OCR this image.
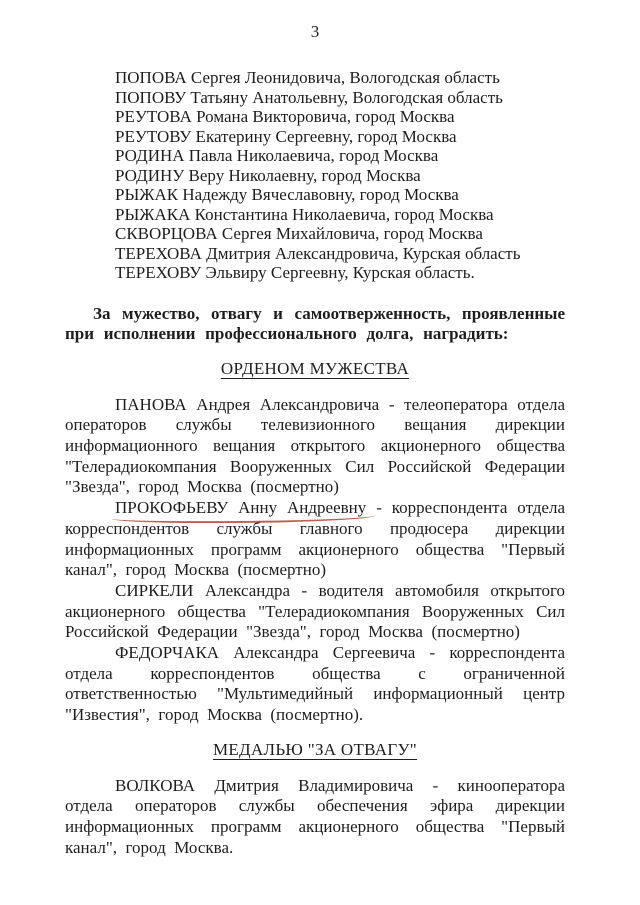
3
ПОПОВА Сергея Леонидовича, Вологодская область
ПОПОВУ Татьяну Анатольевну, Вологодская область
РЕУТОВА Романа Викторовича, город Москва
РЕУТОВУ Екатерину Сергеевну, город Москва
РОДИНА Павла Николаевича, город Москва
РОДИНУ Веру Николаевну, город Москва
РЫЖАК Надежду Вячеславовну, город Москва
РЫЖАКА Константина Николаевича, город Москва
СКВОРЦОВА Сергея Михайловича, город Москва
ТЕРЕХОВА Дмитрия Александровича, Курская область
ТЕРЕХОВУ Эльвиру Сергеевну, Курская область.

За мужество, отвагу и самоотверженность, проявленные при исполнении профессионального долга, наградить:

ОРДЕНОМ МУЖЕСТВА

ПАНОВА Андрея Александровича - телеоператора отдела операторов службы телевизионного вещания дирекции информационного вещания открытого акционерного общества "Телерадиокомпания Вооруженных Сил Российской Федерации "Звезда", город Москва (посмертно)

ПРОКОФЬЕВУ Анну Андреевну - корреспондента отдела корреспондентов службы главного продюсера дирекции информационных программ акционерного общества "Первый канал", город Москва (посмертно)

СИРКЕЛИ Александра - водителя автомобиля открытого акционерного общества "Телерадиокомпания Вооруженных Сил Российской Федерации "Звезда", город Москва (посмертно)

ФЕДОРЧАКА Александра Сергеевича - корреспондента отдела корреспондентов общества с ограниченной ответственностью "Мультимедийный информационный центр "Известия", город Москва (посмертно).

МЕДАЛЬЮ "ЗА ОТВАГУ"

ВОЛКОВА Дмитрия Владимировича - кинооператора отдела операторов службы обеспечения эфира дирекции информационных программ акционерного общества "Первый канал", город Москва.
